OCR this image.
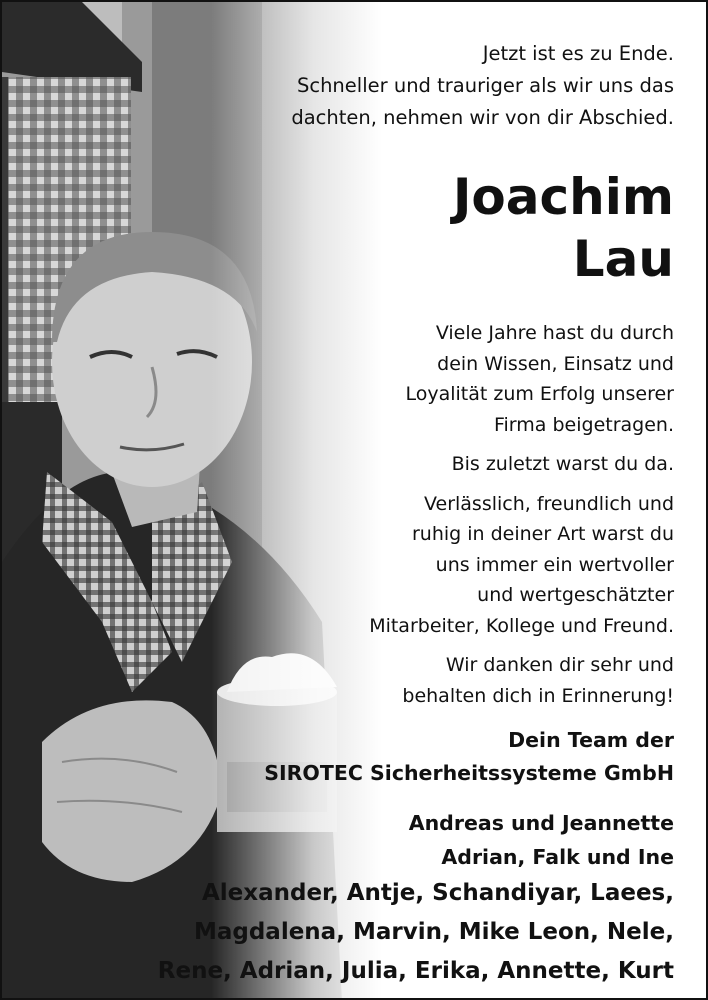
Jetzt ist es zu Ende.
Schneller und trauriger als wir uns das
dachten, nehmen wir von dir Abschied.
Joachim
Lau
Viele Jahre hast du durch
dein Wissen, Einsatz und
Loyalität zum Erfolg unserer
Firma beigetragen.
Bis zuletzt warst du da.
Verlässlich, freundlich und
ruhig in deiner Art warst du
uns immer ein wertvoller
und wertgeschätzter
Mitarbeiter, Kollege und Freund.
Wir danken dir sehr und
behalten dich in Erinnerung!
Dein Team der
SIROTEC Sicherheitssysteme GmbH
Andreas und Jeannette
Adrian, Falk und Ine
Alexander, Antje, Schandiyar, Laees,
Magdalena, Marvin, Mike Leon, Nele,
Rene, Adrian, Julia, Erika, Annette, Kurt
